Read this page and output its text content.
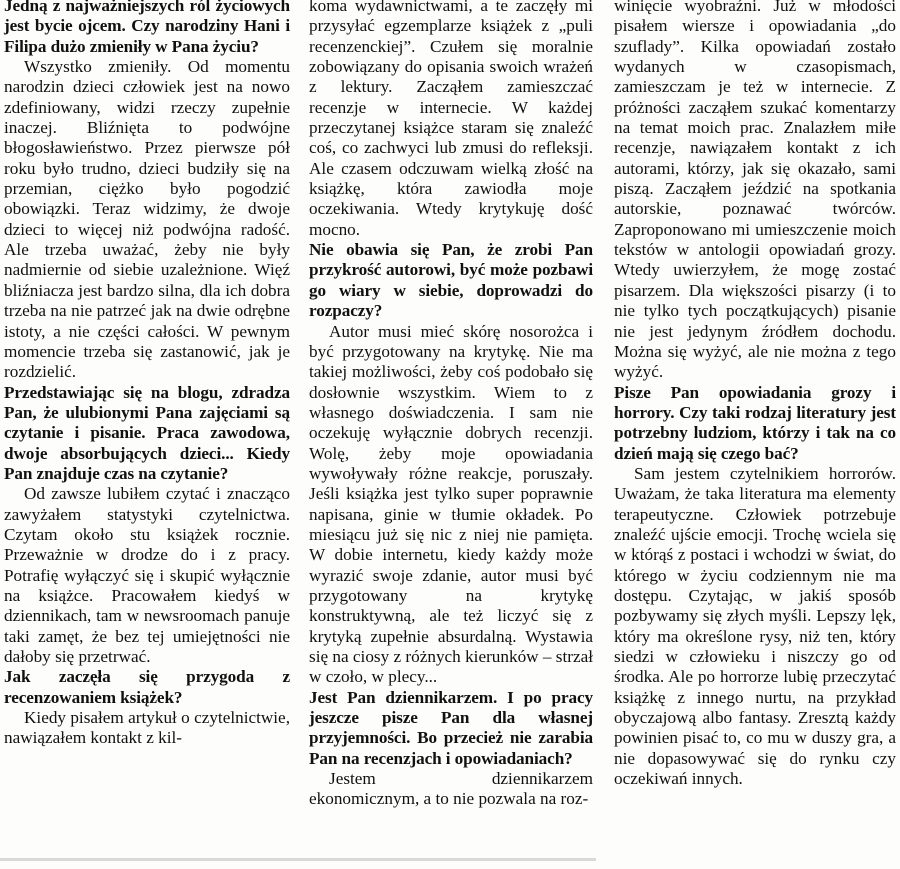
Jedną z najważniejszych ról życiowych jest bycie ojcem. Czy narodziny Hani i Filipa dużo zmieniły w Pana życiu?

Wszystko zmieniły. Od momentu narodzin dzieci człowiek jest na nowo zdefiniowany, widzi rzeczy zupełnie inaczej. Bliźnięta to podwójne błogosławieństwo. Przez pierwsze pół roku było trudno, dzieci budziły się na przemian, ciężko było pogodzić obowiązki. Teraz widzimy, że dwoje dzieci to więcej niż podwójna radość. Ale trzeba uważać, żeby nie były nadmiernie od siebie uzależnione. Więź bliźniacza jest bardzo silna, dla ich dobra trzeba na nie patrzeć jak na dwie odrębne istoty, a nie części całości. W pewnym momencie trzeba się zastanowić, jak je rozdzielić.

Przedstawiając się na blogu, zdradza Pan, że ulubionymi Pana zajęciami są czytanie i pisanie. Praca zawodowa, dwoje absorbujących dzieci... Kiedy Pan znajduje czas na czytanie?

Od zawsze lubiłem czytać i znacząco zawyżałem statystyki czytelnictwa. Czytam około stu książek rocznie. Przeważnie w drodze do i z pracy. Potrafię wyłączyć się i skupić wyłącznie na książce. Pracowałem kiedyś w dziennikach, tam w newsroomach panuje taki zamęt, że bez tej umiejętności nie dałoby się przetrwać.

Jak zaczęła się przygoda z recenzowaniem książek?

Kiedy pisałem artykuł o czytelnictwie, nawiązałem kontakt z kil-

koma wydawnictwami, a te zaczęły mi przysyłać egzemplarze książek z „puli recenzenckiej”. Czułem się moralnie zobowiązany do opisania swoich wrażeń z lektury. Zacząłem zamieszczać recenzje w internecie. W każdej przeczytanej książce staram się znaleźć coś, co zachwyci lub zmusi do refleksji. Ale czasem odczuwam wielką złość na książkę, która zawiodła moje oczekiwania. Wtedy krytykuję dość mocno.

Nie obawia się Pan, że zrobi Pan przykrość autorowi, być może pozbawi go wiary w siebie, doprowadzi do rozpaczy?

Autor musi mieć skórę nosorożca i być przygotowany na krytykę. Nie ma takiej możliwości, żeby coś podobało się dosłownie wszystkim. Wiem to z własnego doświadczenia. I sam nie oczekuję wyłącznie dobrych recenzji. Wolę, żeby moje opowiadania wywoływały różne reakcje, poruszały. Jeśli książka jest tylko super poprawnie napisana, ginie w tłumie okładek. Po miesiącu już się nic z niej nie pamięta. W dobie internetu, kiedy każdy może wyrazić swoje zdanie, autor musi być przygotowany na krytykę konstruktywną, ale też liczyć się z krytyką zupełnie absurdalną. Wystawia się na ciosy z różnych kierunków – strzał w czoło, w plecy...

Jest Pan dziennikarzem. I po pracy jeszcze pisze Pan dla własnej przyjemności. Bo przecież nie zarabia Pan na recenzjach i opowiadaniach?

Jestem dziennikarzem ekonomicznym, a to nie pozwala na roz-

winięcie wyobraźni. Już w młodości pisałem wiersze i opowiadania „do szuflady”. Kilka opowiadań zostało wydanych w czasopismach, zamieszczam je też w internecie. Z próżności zacząłem szukać komentarzy na temat moich prac. Znalazłem miłe recenzje, nawiązałem kontakt z ich autorami, którzy, jak się okazało, sami piszą. Zacząłem jeździć na spotkania autorskie, poznawać twórców. Zaproponowano mi umieszczenie moich tekstów w antologii opowiadań grozy. Wtedy uwierzyłem, że mogę zostać pisarzem. Dla większości pisarzy (i to nie tylko tych początkujących) pisanie nie jest jedynym źródłem dochodu. Można się wyżyć, ale nie można z tego wyżyć.

Pisze Pan opowiadania grozy i horrory. Czy taki rodzaj literatury jest potrzebny ludziom, którzy i tak na co dzień mają się czego bać?

Sam jestem czytelnikiem horrorów. Uważam, że taka literatura ma elementy terapeutyczne. Człowiek potrzebuje znaleźć ujście emocji. Trochę wciela się w którąś z postaci i wchodzi w świat, do którego w życiu codziennym nie ma dostępu. Czytając, w jakiś sposób pozbywamy się złych myśli. Lepszy lęk, który ma określone rysy, niż ten, który siedzi w człowieku i niszczy go od środka. Ale po horrorze lubię przeczytać książkę z innego nurtu, na przykład obyczajową albo fantasy. Zresztą każdy powinien pisać to, co mu w duszy gra, a nie dopasowywać się do rynku czy oczekiwań innych.
